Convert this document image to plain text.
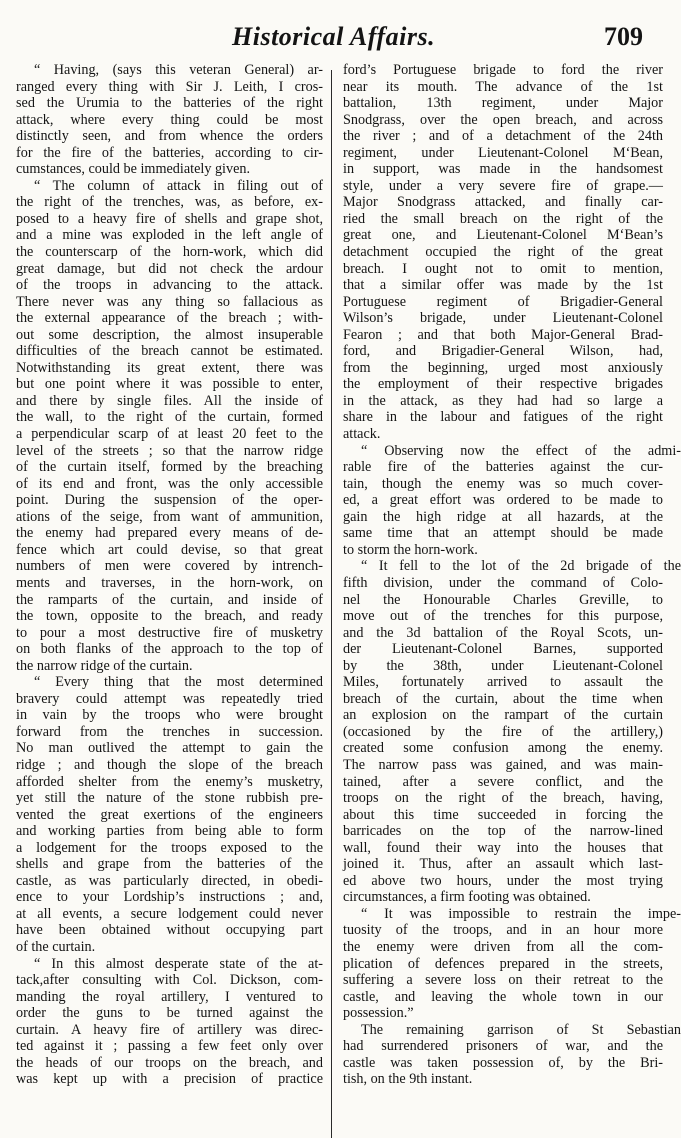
Historical Affairs.	709
“ Having, (says this veteran General) ar-
ranged every thing with Sir J. Leith, I cros-
sed the Urumia to the batteries of the right
attack, where every thing could be most
distinctly seen, and from whence the orders
for the fire of the batteries, according to cir-
cumstances, could be immediately given.
“ The column of attack in filing out of
the right of the trenches, was, as before, ex-
posed to a heavy fire of shells and grape shot,
and a mine was exploded in the left angle of
the counterscarp of the horn-work, which did
great damage, but did not check the ardour
of the troops in advancing to the attack.
There never was any thing so fallacious as
the external appearance of the breach ; with-
out some description, the almost insuperable
difficulties of the breach cannot be estimated.
Notwithstanding its great extent, there was
but one point where it was possible to enter,
and there by single files. All the inside of
the wall, to the right of the curtain, formed
a perpendicular scarp of at least 20 feet to the
level of the streets ; so that the narrow ridge
of the curtain itself, formed by the breaching
of its end and front, was the only accessible
point. During the suspension of the oper-
ations of the seige, from want of ammunition,
the enemy had prepared every means of de-
fence which art could devise, so that great
numbers of men were covered by intrench-
ments and traverses, in the horn-work, on
the ramparts of the curtain, and inside of
the town, opposite to the breach, and ready
to pour a most destructive fire of musketry
on both flanks of the approach to the top of
the narrow ridge of the curtain.
“ Every thing that the most determined
bravery could attempt was repeatedly tried
in vain by the troops who were brought
forward from the trenches in succession.
No man outlived the attempt to gain the
ridge ; and though the slope of the breach
afforded shelter from the enemy’s musketry,
yet still the nature of the stone rubbish pre-
vented the great exertions of the engineers
and working parties from being able to form
a lodgement for the troops exposed to the
shells and grape from the batteries of the
castle, as was particularly directed, in obedi-
ence to your Lordship’s instructions ; and,
at all events, a secure lodgement could never
have been obtained without occupying part
of the curtain.
“ In this almost desperate state of the at-
tack,after consulting with Col. Dickson, com-
manding the royal artillery, I ventured to
order the guns to be turned against the
curtain. A heavy fire of artillery was direc-
ted against it ; passing a few feet only over
the heads of our troops on the breach, and
was kept up with a precision of practice
ford’s Portuguese brigade to ford the river
near its mouth. The advance of the 1st
battalion, 13th regiment, under Major
Snodgrass, over the open breach, and across
the river ; and of a detachment of the 24th
regiment, under Lieutenant-Colonel M‘Bean,
in support, was made in the handsomest
style, under a very severe fire of grape.—
Major Snodgrass attacked, and finally car-
ried the small breach on the right of the
great one, and Lieutenant-Colonel M‘Bean’s
detachment occupied the right of the great
breach. I ought not to omit to mention,
that a similar offer was made by the 1st
Portuguese regiment of Brigadier-General
Wilson’s brigade, under Lieutenant-Colonel
Fearon ; and that both Major-General Brad-
ford, and Brigadier-General Wilson, had,
from the beginning, urged most anxiously
the employment of their respective brigades
in the attack, as they had had so large a
share in the labour and fatigues of the right
attack.
“ Observing now the effect of the admi-
rable fire of the batteries against the cur-
tain, though the enemy was so much cover-
ed, a great effort was ordered to be made to
gain the high ridge at all hazards, at the
same time that an attempt should be made
to storm the horn-work.
“ It fell to the lot of the 2d brigade of the
fifth division, under the command of Colo-
nel the Honourable Charles Greville, to
move out of the trenches for this purpose,
and the 3d battalion of the Royal Scots, un-
der Lieutenant-Colonel Barnes, supported
by the 38th, under Lieutenant-Colonel
Miles, fortunately arrived to assault the
breach of the curtain, about the time when
an explosion on the rampart of the curtain
(occasioned by the fire of the artillery,)
created some confusion among the enemy.
The narrow pass was gained, and was main-
tained, after a severe conflict, and the
troops on the right of the breach, having,
about this time succeeded in forcing the
barricades on the top of the narrow-lined
wall, found their way into the houses that
joined it. Thus, after an assault which last-
ed above two hours, under the most trying
circumstances, a firm footing was obtained.
“ It was impossible to restrain the impe-
tuosity of the troops, and in an hour more
the enemy were driven from all the com-
plication of defences prepared in the streets,
suffering a severe loss on their retreat to the
castle, and leaving the whole town in our
possession.”
The remaining garrison of St Sebastian
had surrendered prisoners of war, and the
castle was taken possession of, by the Bri-
tish, on the 9th instant.
